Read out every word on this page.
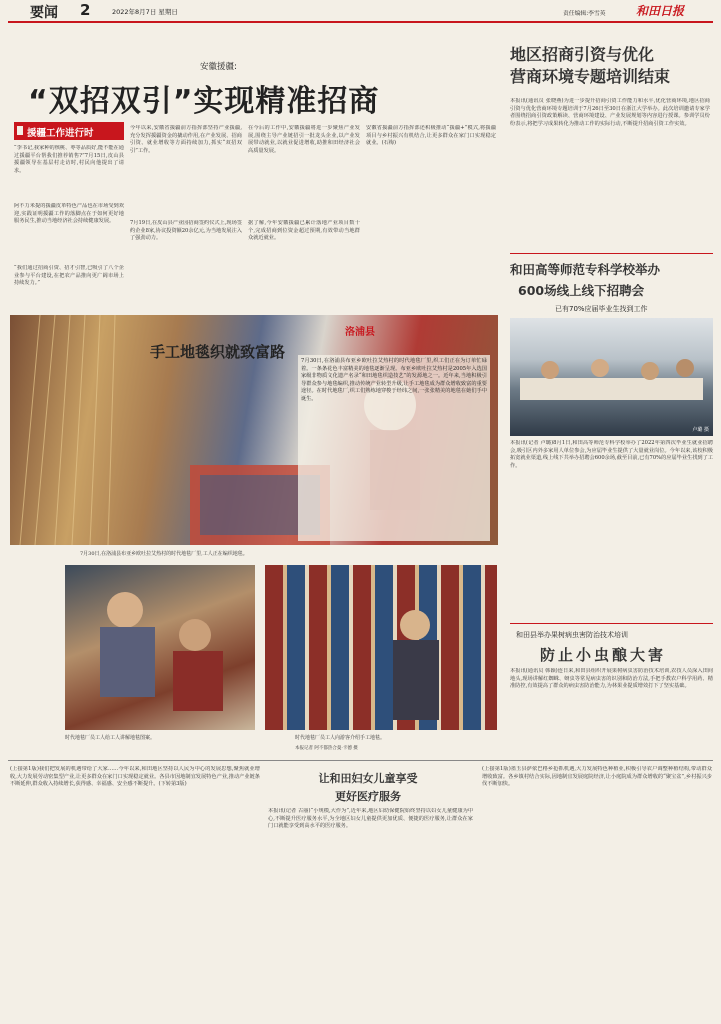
要闻 2	2022年8月7日 星期日	责任编辑:李雪英	和田日报
安徽援疆:
“双招双引”实现精准招商
援疆工作进行时
“李书记,我家种的核桃、枣等品质好,能不能在通过援疆平台帮我们推荐销售?”7月15日,皮山县援疆领导在基层村走访时,村民向他提出了请求。
阿不力米提的援疆皮革特色产品也在市场受到欢迎,实践证明援疆工作的落脚点在于如何更好地服务民生,推动当地经济社会持续健康发展。
“我们通过招商引资、招才引智,已吸引了八个企业参与平台建设,在把农产品推向更广阔市场上持续发力。”
今年以来,安徽省援疆前方指挥部坚持产业援疆,充分发挥援疆资金的撬动作用,在产业发展、招商引资、就业增收等方面持续加力,抓实“双招双引”工作。
7月19日,在皮山县产业园招商签约仪式上,现场签约企业8家,协议投资额20余亿元,为当地发展注入了强劲动力。
在今后的工作中,安徽援疆将进一步聚焦产业发展,围绕主导产业链招引一批龙头企业,以产业发展带动就业,以就业促进增收,助推和田经济社会高质量发展。
据了解,今年安徽援疆已累计落地产业项目数十个,完成招商到位资金超过预期,有效带动当地群众就近就业。
安徽省援疆前方指挥部还积极推动“援疆+”模式,将援疆项目与乡村振兴有机结合,让更多群众在家门口实现稳定就业。(石梅)
洛浦县
手工地毯织就致富路	7月30日,在洛浦县布亚乡欧吐拉艾热村的时代地毯厂里,织工们正在为订单忙碌着。一条条花色丰富精美的地毯逐渐呈现。布亚乡欧吐拉艾热村是2005年入选国家级非物质文化遗产名录“和田地毯织造技艺”的发源地之一。近年来,当地积极引导群众参与地毯编织,推动传统产业转型升级,让手工地毯成为群众增收致富的重要途径。在时代地毯厂,织工们熟练地穿梭于经纬之间,一张张精美的地毯在她们手中诞生。
7月30日,在洛浦县布亚乡欧吐拉艾热村的时代地毯厂里,工人正在编织地毯。
时代地毯厂员工人给工人讲解地毯图案。	时代地毯厂员工人向游客介绍手工地毯。
本报记者 阿不都热合曼·卡德 摄
地区招商引资与优化
营商环境专题培训结束
本报讯(通讯员 张晓燕)为进一步提升招商引资工作能力和水平,优化营商环境,地区招商引资与优化营商环境专题培训于7月26日至30日在浙江大学举办。此次培训邀请专家学者围绕招商引资政策解读、营商环境建设、产业发展规划等内容进行授课。参训学员纷纷表示,将把学习成果转化为推动工作的实际行动,不断提升招商引资工作实效。
和田高等师范专科学校举办
600场线上线下招聘会
已有70%应届毕业生找到工作
卢璐 摄
本报讯(记者 卢璐)8月1日,和田高等师范专科学校举办了2022年第四次毕业生就业招聘会,吸引区内外多家用人单位参会,为应届毕业生提供了大量就业岗位。今年以来,该校积极拓宽就业渠道,线上线下共举办招聘会600余场,截至目前,已有70%的应届毕业生找到了工作。
和田县举办果树病虫害防治技术培训
防止小虫酿大害
本报讯(通讯员 韩颖)连日来,和田县组织开展果树病虫害防治技术培训,农技人员深入田间地头,现场讲解红蜘蛛、蚜虫等常见病虫害的识别和防治方法,手把手教农户科学用药、精准防控,有效提高了群众的病虫害防治能力,为林果业提质增效打下了坚实基础。
(上接第1版)我们把发展的机遇带给了大家……今年以来,和田地区坚持以人民为中心的发展思想,聚焦就业增收,大力发展劳动密集型产业,让更多群众在家门口实现稳定就业。各县市因地制宜发展特色产业,推动产业链条不断延伸,群众收入持续增长,获得感、幸福感、安全感不断提升。(下转第3版)	让和田妇女儿童享受
更好医疗服务
本报讯(记者 古丽)“小规模,大作为”,近年来,地区妇幼保健院始终坚持以妇女儿童健康为中心,不断提升医疗服务水平,为全地区妇女儿童提供更加优质、便捷的医疗服务,让群众在家门口就能享受到高水平的医疗服务。
(上接第1版)墨玉县萨依巴格乡抢抓机遇,大力发展特色种植业,积极引导农户调整种植结构,带动群众增收致富。各乡镇村结合实际,因地制宜发展庭院经济,让小庭院成为群众增收的“聚宝盆”,乡村振兴步伐不断加快。
